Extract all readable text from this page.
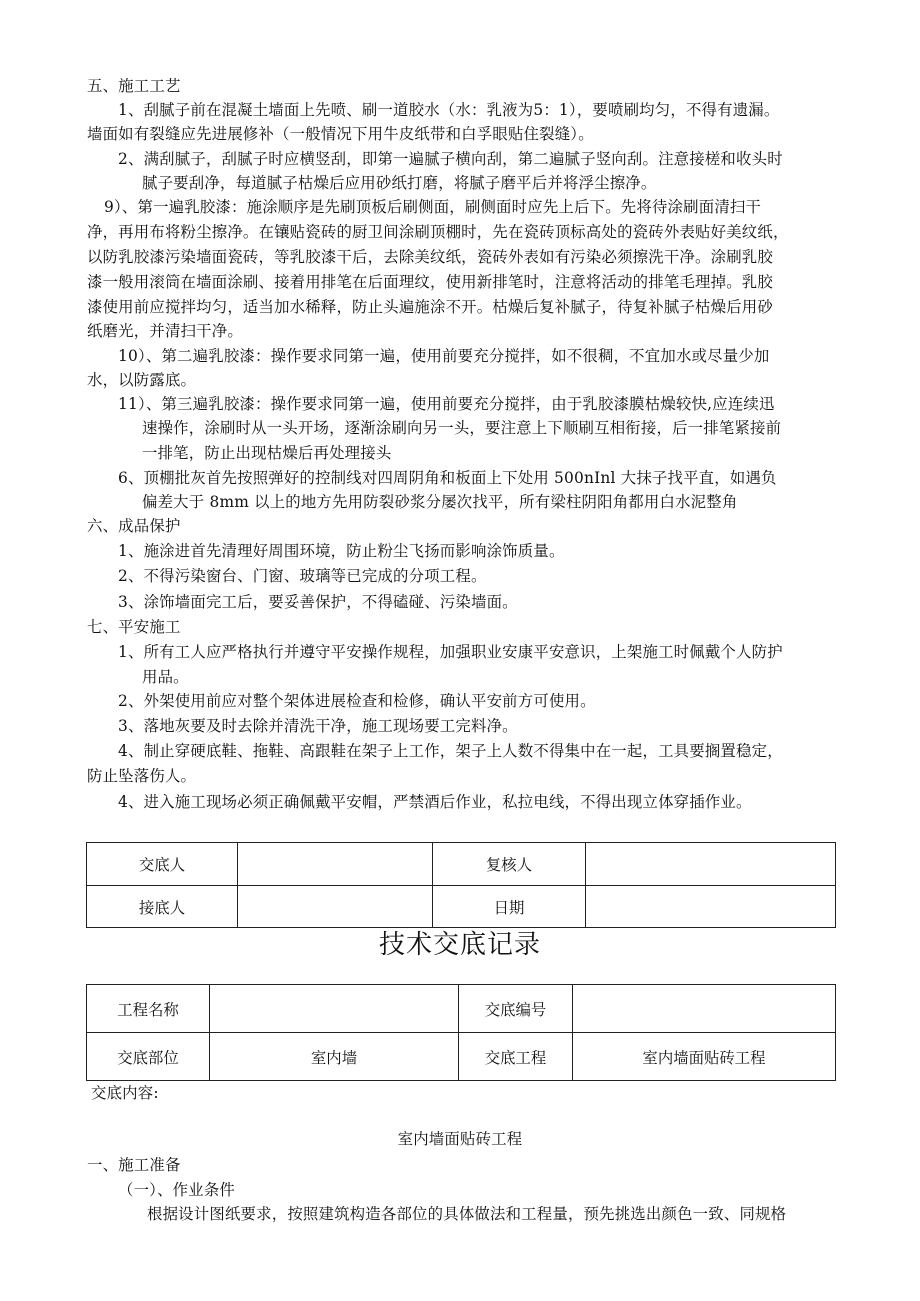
五、施工工艺

1、刮腻子前在混凝土墙面上先喷、刷一道胶水（水：乳液为5：1），要喷刷均匀，不得有遗漏。

墙面如有裂缝应先进展修补（一般情况下用牛皮纸带和白孚眼贴住裂缝）。

2、满刮腻子，刮腻子时应横竖刮，即第一遍腻子横向刮，第二遍腻子竖向刮。注意接槎和收头时

腻子要刮净，每道腻子枯燥后应用砂纸打磨，将腻子磨平后并将浮尘擦净。

9）、第一遍乳胶漆：施涂顺序是先刷顶板后刷侧面，刷侧面时应先上后下。先将待涂刷面清扫干

净，再用布将粉尘擦净。在镶贴瓷砖的厨卫间涂刷顶棚时，先在瓷砖顶标高处的瓷砖外表贴好美纹纸，

以防乳胶漆污染墙面瓷砖，等乳胶漆干后，去除美纹纸，瓷砖外表如有污染必须擦洗干净。涂刷乳胶

漆一般用滚筒在墙面涂刷、接着用排笔在后面理纹，使用新排笔时，注意将活动的排笔毛理掉。乳胶

漆使用前应搅拌均匀，适当加水稀释，防止头遍施涂不开。枯燥后复补腻子，待复补腻子枯燥后用砂

纸磨光，并清扫干净。

10）、第二遍乳胶漆：操作要求同第一遍，使用前要充分搅拌，如不很稠，不宜加水或尽量少加

水，以防露底。

11）、第三遍乳胶漆：操作要求同第一遍，使用前要充分搅拌，由于乳胶漆膜枯燥较快,应连续迅

速操作，涂刷时从一头开场，逐渐涂刷向另一头，要注意上下顺刷互相衔接，后一排笔紧接前

一排笔，防止出现枯燥后再处理接头

6、顶棚批灰首先按照弹好的控制线对四周阴角和板面上下处用 500nInl 大抹子找平直，如遇负

偏差大于 8mm 以上的地方先用防裂砂浆分屡次找平，所有梁柱阴阳角都用白水泥整角

六、成品保护

1、施涂进首先清理好周围环境，防止粉尘飞扬而影响涂饰质量。

2、不得污染窗台、门窗、玻璃等已完成的分项工程。

3、涂饰墙面完工后，要妥善保护，不得磕碰、污染墙面。

七、平安施工

1、所有工人应严格执行并遵守平安操作规程，加强职业安康平安意识，上架施工时佩戴个人防护

用品。

2、外架使用前应对整个架体进展检查和检修，确认平安前方可使用。

3、落地灰要及时去除并清洗干净，施工现场要工完料净。

4、制止穿硬底鞋、拖鞋、高跟鞋在架子上工作，架子上人数不得集中在一起，工具要搁置稳定，

防止坠落伤人。

4、进入施工现场必须正确佩戴平安帽，严禁酒后作业，私拉电线，不得出现立体穿插作业。

交底人		复核人	
接底人		日期	
技术交底记录
工程名称		交底编号	
交底部位	室内墙	交底工程	室内墙面贴砖工程

交底内容:

室内墙面贴砖工程

一、施工准备

（一）、作业条件

根据设计图纸要求，按照建筑构造各部位的具体做法和工程量，预先挑选出颜色一致、同规格
